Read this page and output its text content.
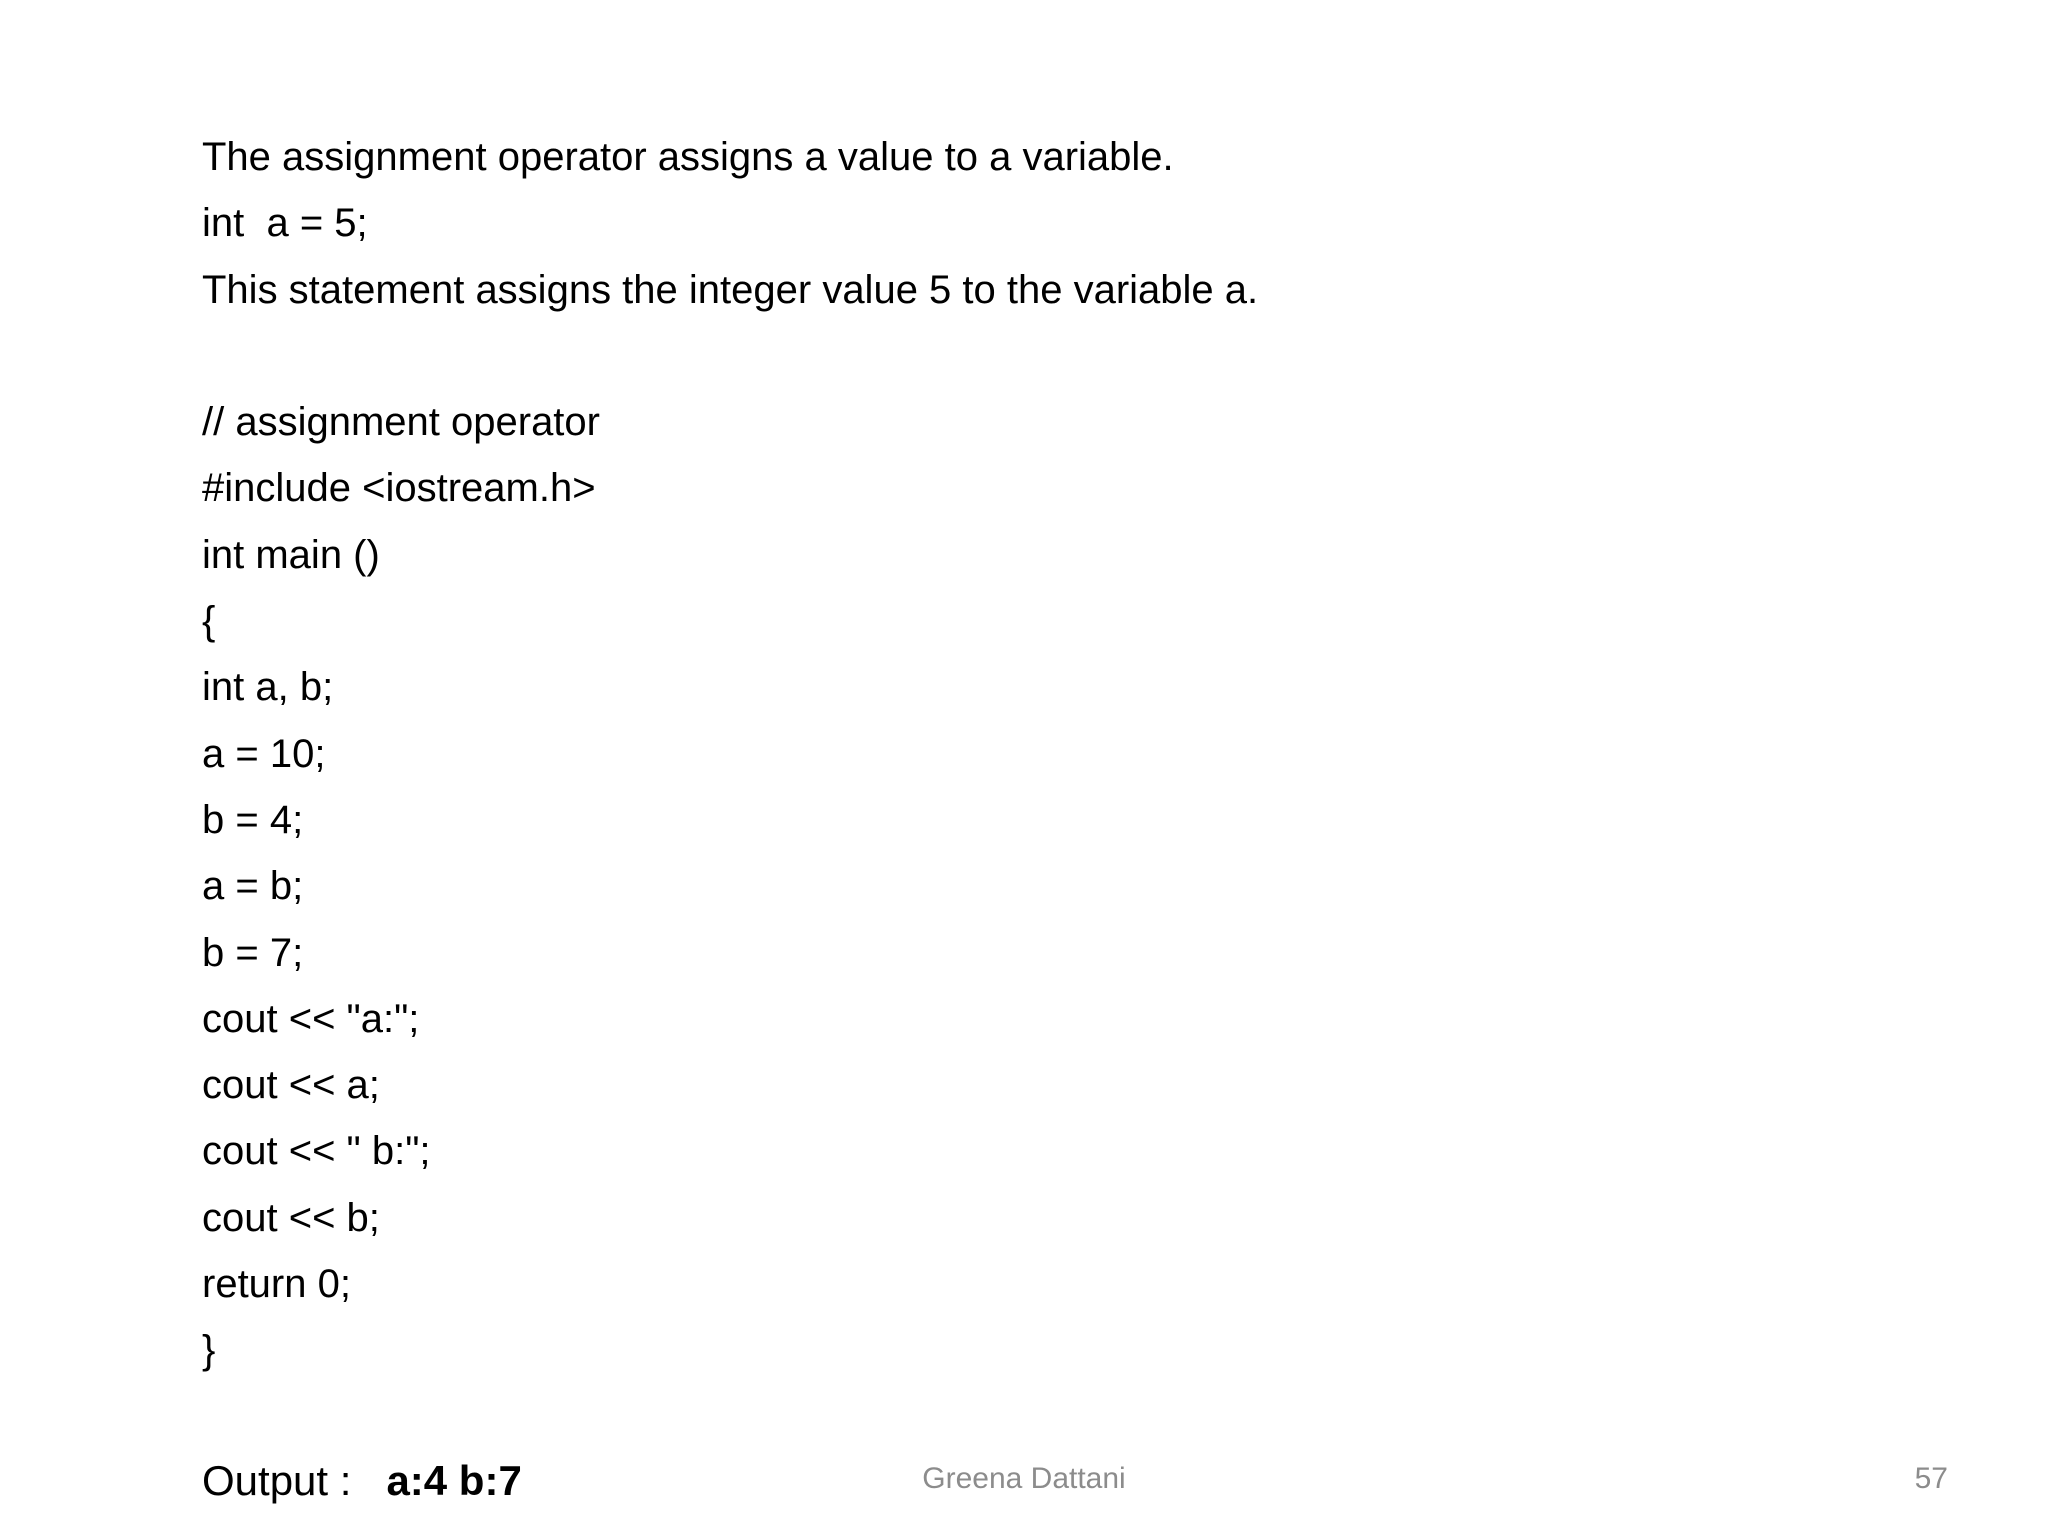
The assignment operator assigns a value to a variable.
int  a = 5;
This statement assigns the integer value 5 to the variable a.
// assignment operator
#include <iostream.h>
int main ()
{
int a, b;
a = 10;
b = 4;
a = b;
b = 7;
cout << "a:";
cout << a;
cout << " b:";
cout << b;
return 0;
}
Output :   a:4 b:7	Greena Dattani	57
